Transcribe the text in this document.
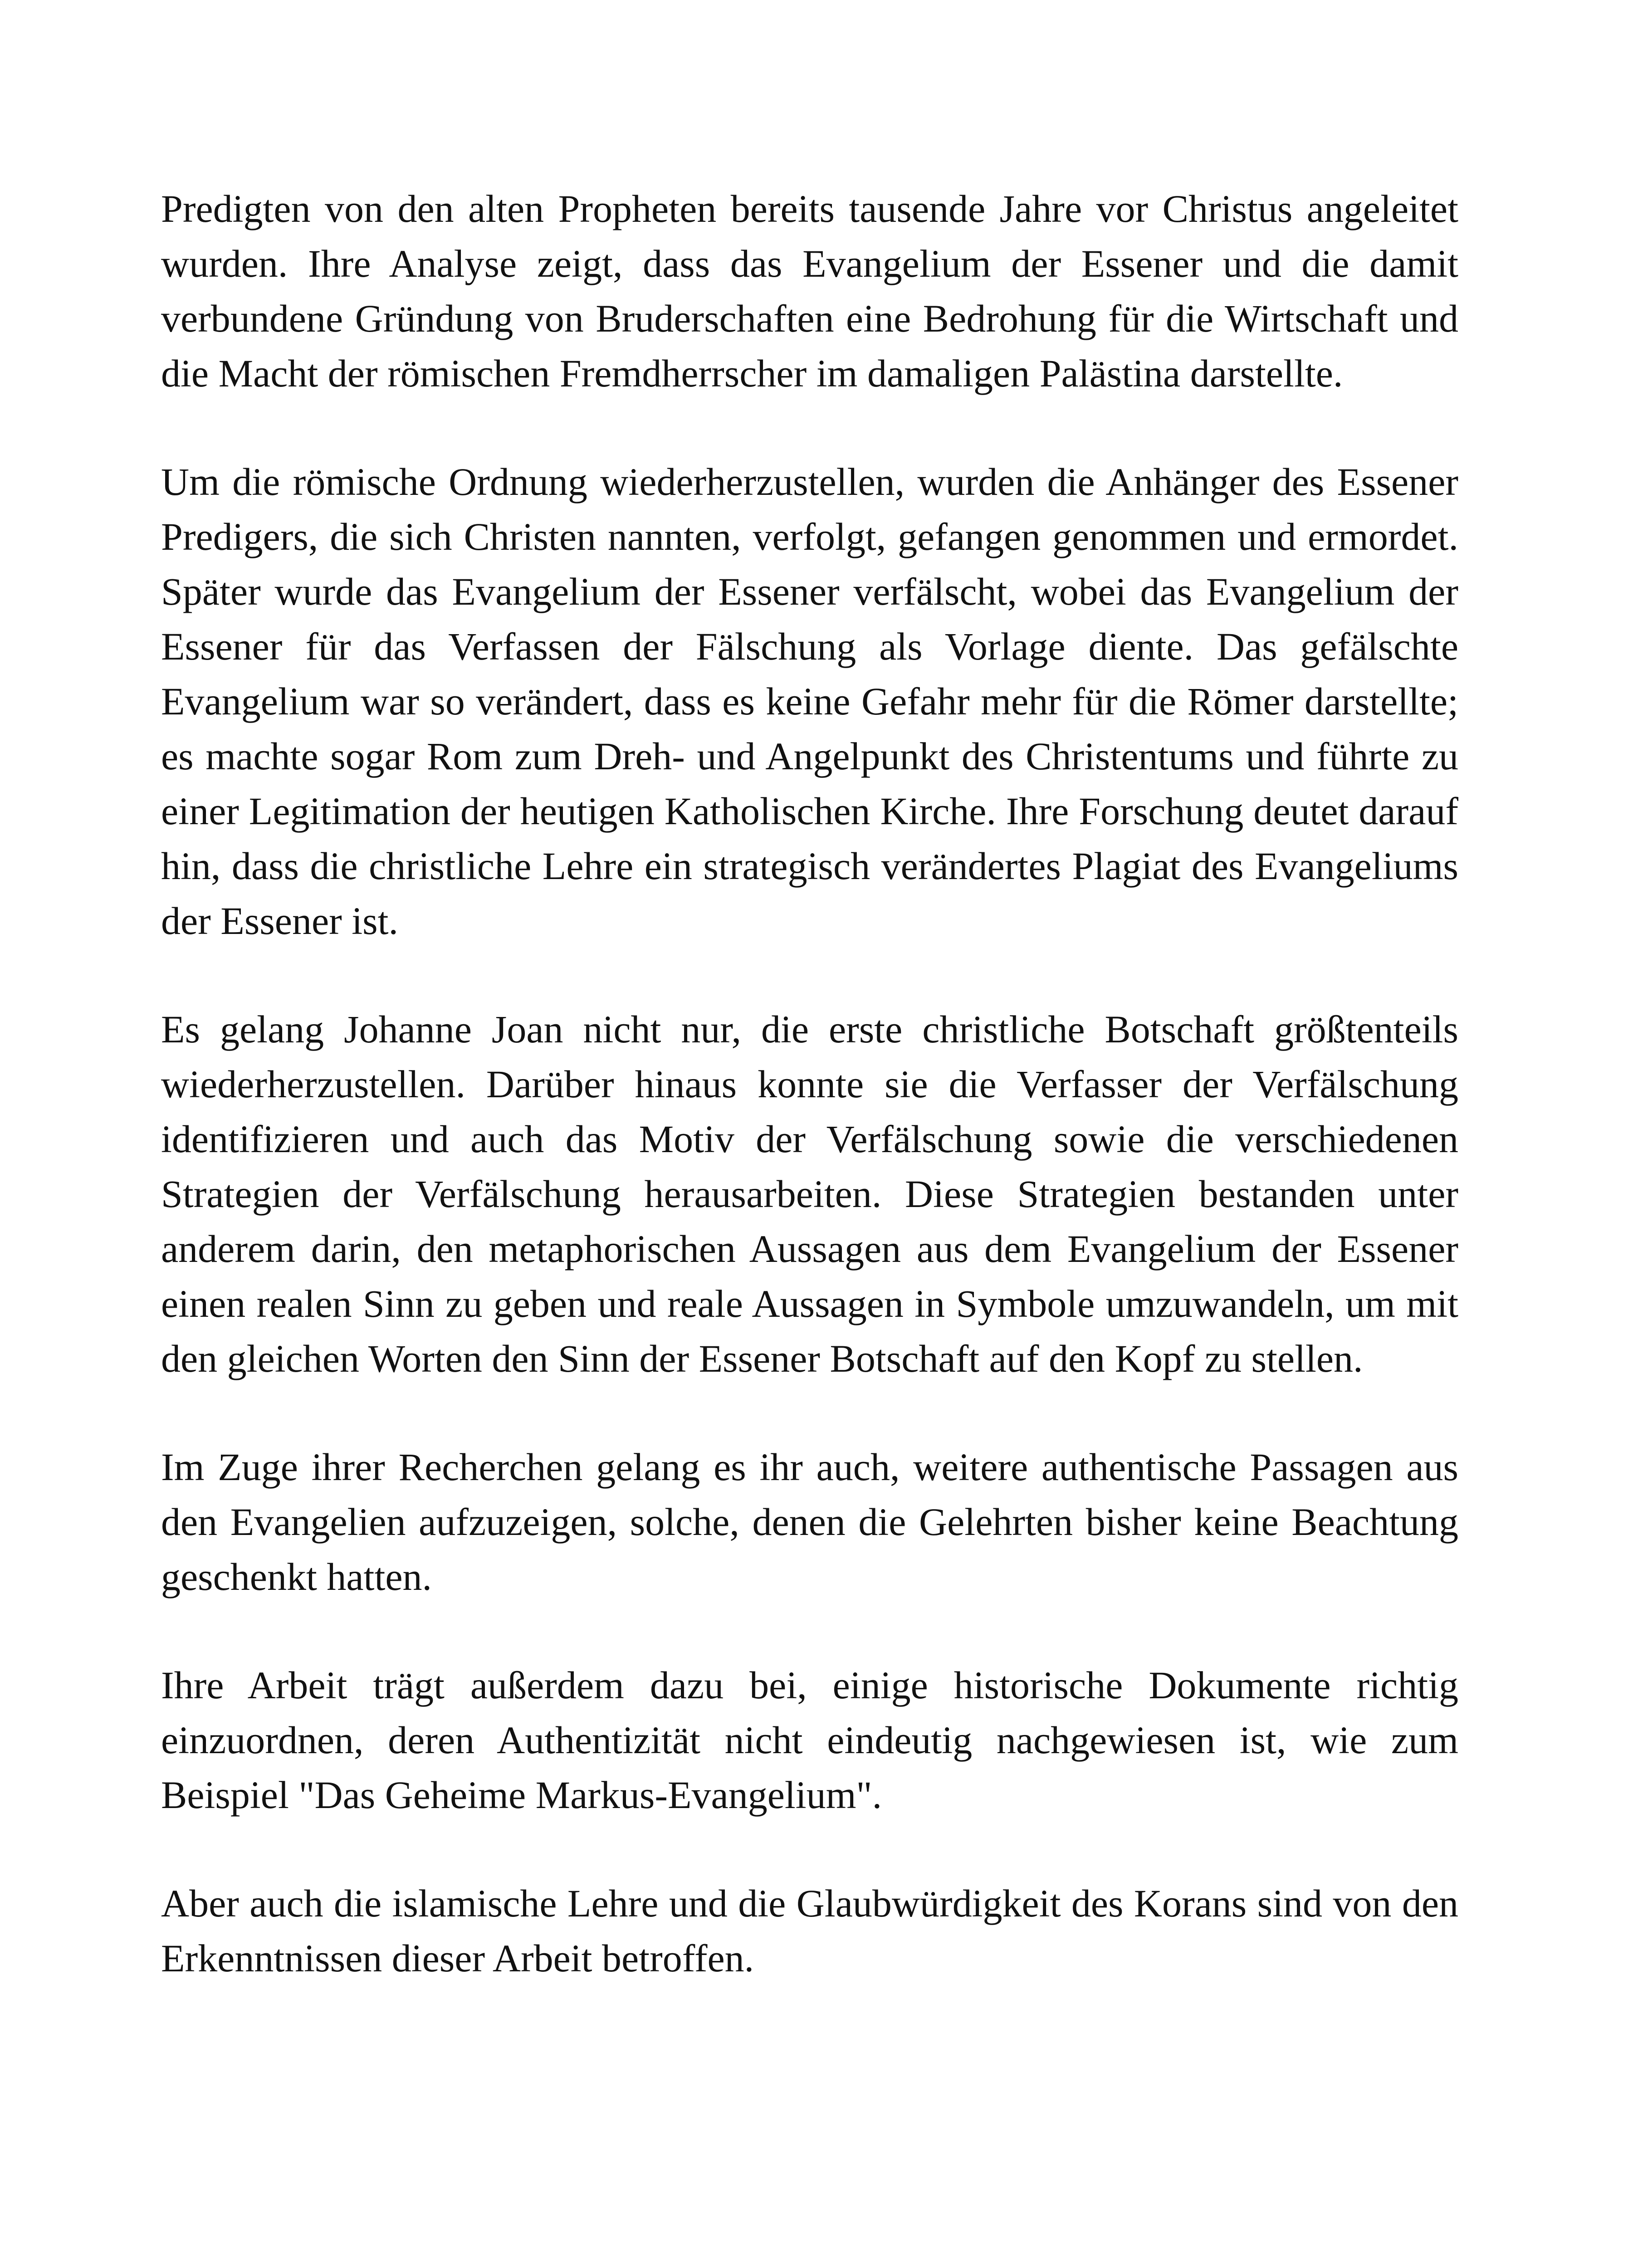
Predigten von den alten Propheten bereits tausende Jahre vor Christus angeleitet wurden. Ihre Analyse zeigt, dass das Evangelium der Essener und die damit verbundene Gründung von Bruderschaften eine Bedrohung für die Wirtschaft und die Macht der römischen Fremdherrscher im damaligen Palästina darstellte.

Um die römische Ordnung wiederherzustellen, wurden die Anhänger des Essener Predigers, die sich Christen nannten, verfolgt, gefangen genommen und ermordet. Später wurde das Evangelium der Essener verfälscht, wobei das Evangelium der Essener für das Verfassen der Fälschung als Vorlage diente. Das gefälschte Evangelium war so verändert, dass es keine Gefahr mehr für die Römer darstellte; es machte sogar Rom zum Dreh- und Angelpunkt des Christentums und führte zu einer Legitimation der heutigen Katholischen Kirche. Ihre Forschung deutet darauf hin, dass die christliche Lehre ein strategisch verändertes Plagiat des Evangeliums der Essener ist.

Es gelang Johanne Joan nicht nur, die erste christliche Botschaft größtenteils wiederherzustellen. Darüber hinaus konnte sie die Verfasser der Verfälschung identifizieren und auch das Motiv der Verfälschung sowie die verschiedenen Strategien der Verfälschung herausarbeiten. Diese Strategien bestanden unter anderem darin, den metaphorischen Aussagen aus dem Evangelium der Essener einen realen Sinn zu geben und reale Aussagen in Symbole umzuwandeln, um mit den gleichen Worten den Sinn der Essener Botschaft auf den Kopf zu stellen.

Im Zuge ihrer Recherchen gelang es ihr auch, weitere authentische Passagen aus den Evangelien aufzuzeigen, solche, denen die Gelehrten bisher keine Beachtung geschenkt hatten.

Ihre Arbeit trägt außerdem dazu bei, einige historische Dokumente richtig einzuordnen, deren Authentizität nicht eindeutig nachgewiesen ist, wie zum Beispiel "Das Geheime Markus-Evangelium".

Aber auch die islamische Lehre und die Glaubwürdigkeit des Korans sind von den Erkenntnissen dieser Arbeit betroffen.
